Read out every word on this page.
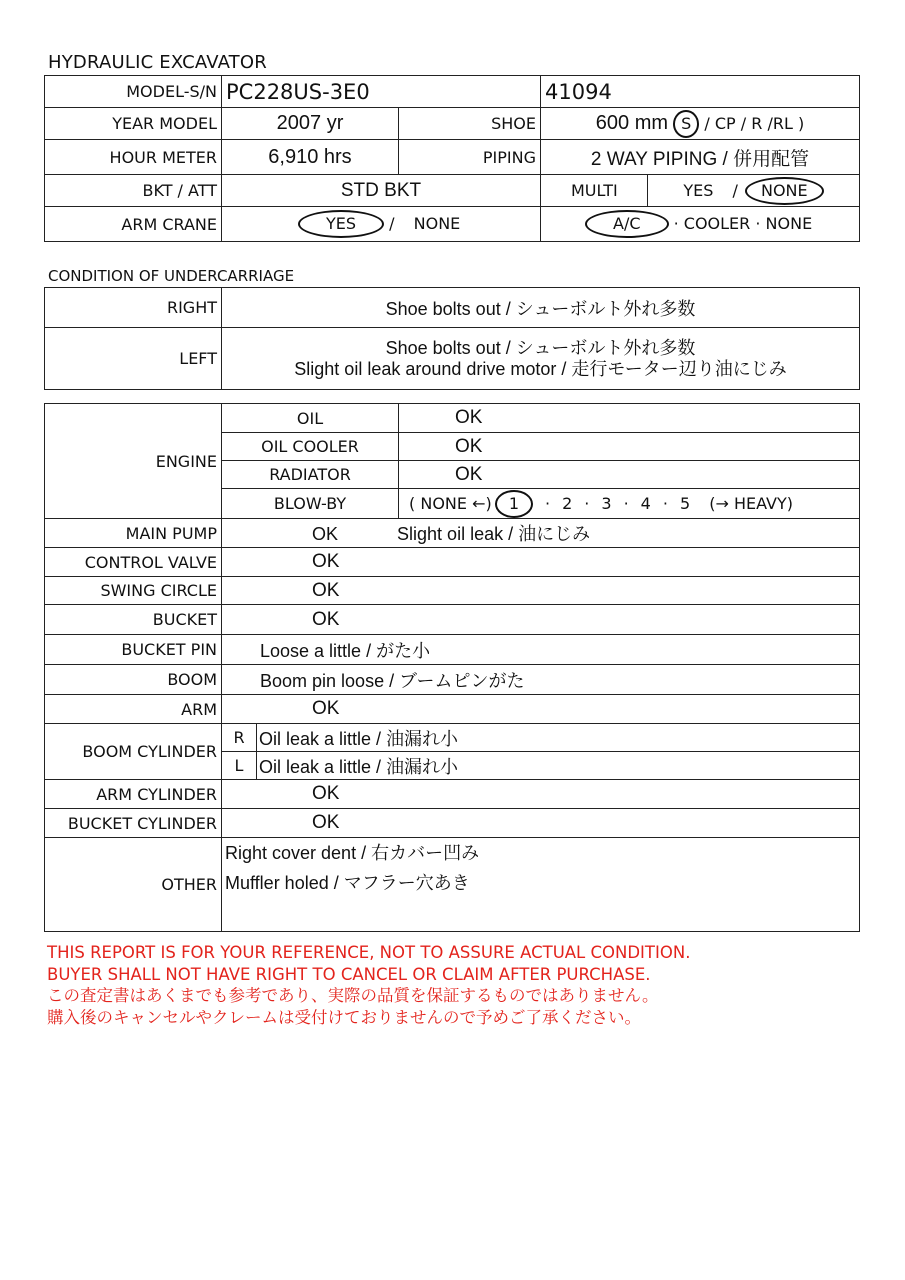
HYDRAULIC EXCAVATOR
MODEL-S/N	PC228US-3E0		41094	
YEAR MODEL	2007 yr	SHOE	600 mm S / CP / R /RL )	
HOUR METER	6,910 hrs	PIPING	2 WAY PIPING / 併用配管	
BKT / ATT	STD BKT		MULTI	YES / NONE
ARM CRANE	YES / NONE		A/C · COOLER · NONE	
CONDITION OF UNDERCARRIAGE
RIGHT	Shoe bolts out / シューボルト外れ多数
LEFT	Shoe bolts out / シューボルト外れ多数
Slight oil leak around drive motor / 走行モーター辺り油にじみ
ENGINE	OIL		OK
	OIL COOLER		OK
	RADIATOR		OK
	BLOW-BY		( NONE ←) 1 · 2 · 3 · 4 · 5 (→ HEAVY)
MAIN PUMP	OK Slight oil leak / 油にじみ		
CONTROL VALVE	OK		
SWING CIRCLE	OK		
BUCKET	OK		
BUCKET PIN	Loose a little / がた小		
BOOM	Boom pin loose / ブームピンがた		
ARM	OK		
BOOM CYLINDER	R	Oil leak a little / 油漏れ小	
	L	Oil leak a little / 油漏れ小	
ARM CYLINDER	OK		
BUCKET CYLINDER	OK		
OTHER	Right cover dent / 右カバー凹み
Muffler holed / マフラー穴あき		
THIS REPORT IS FOR YOUR REFERENCE, NOT TO ASSURE ACTUAL CONDITION.
BUYER SHALL NOT HAVE RIGHT TO CANCEL OR CLAIM AFTER PURCHASE.
この査定書はあくまでも参考であり、実際の品質を保証するものではありません。
購入後のキャンセルやクレームは受付けておりませんので予めご了承ください。
